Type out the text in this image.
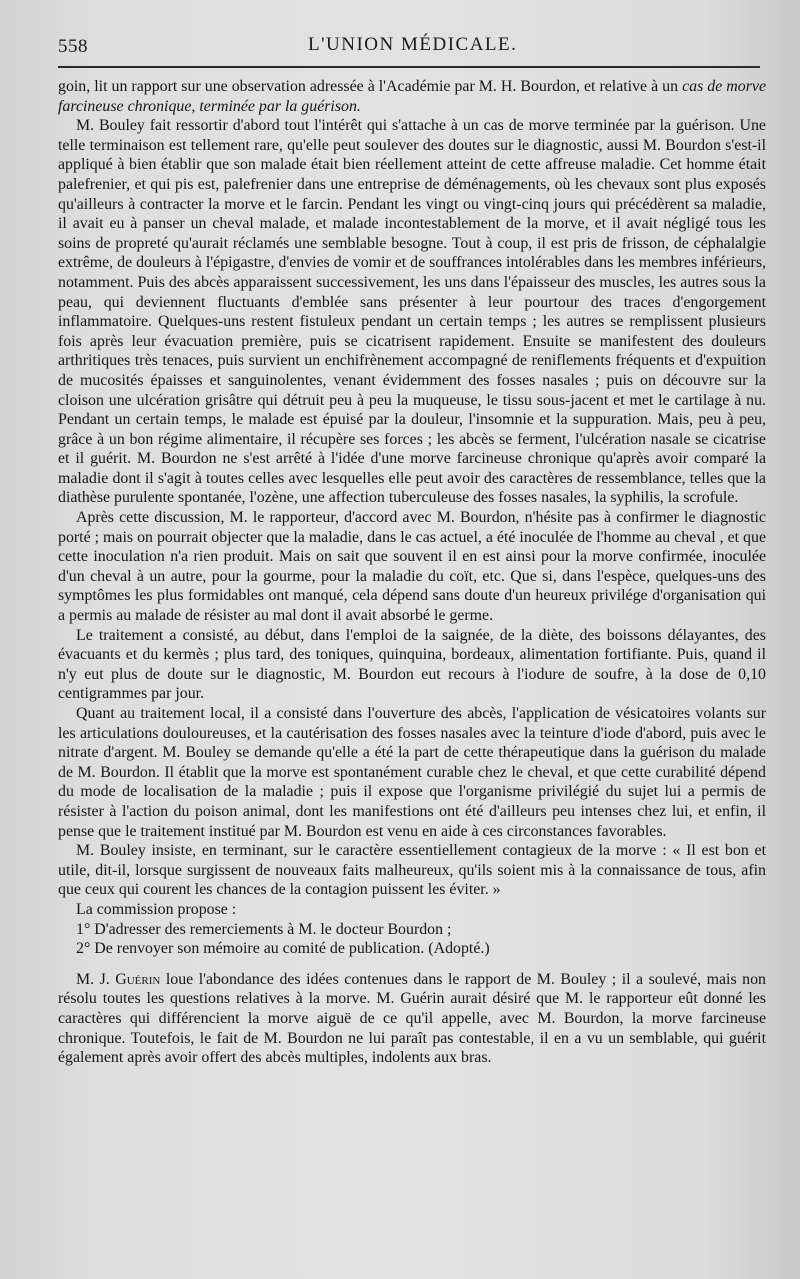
558	L'UNION MÉDICALE.

goin, lit un rapport sur une observation adressée à l'Académie par M. H. Bourdon, et relative à un cas de morve farcineuse chronique, terminée par la guérison.

M. Bouley fait ressortir d'abord tout l'intérêt qui s'attache à un cas de morve terminée par la guérison. Une telle terminaison est tellement rare, qu'elle peut soulever des doutes sur le diagnostic, aussi M. Bourdon s'est-il appliqué à bien établir que son malade était bien réellement atteint de cette affreuse maladie. Cet homme était palefrenier, et qui pis est, palefrenier dans une entreprise de déménagements, où les chevaux sont plus exposés qu'ailleurs à contracter la morve et le farcin. Pendant les vingt ou vingt-cinq jours qui précédèrent sa maladie, il avait eu à panser un cheval malade, et malade incontestablement de la morve, et il avait négligé tous les soins de propreté qu'aurait réclamés une semblable besogne. Tout à coup, il est pris de frisson, de céphalalgie extrême, de douleurs à l'épigastre, d'envies de vomir et de souffrances intolérables dans les membres inférieurs, notamment. Puis des abcès apparaissent successivement, les uns dans l'épaisseur des muscles, les autres sous la peau, qui deviennent fluctuants d'emblée sans présenter à leur pourtour des traces d'engorgement inflammatoire. Quelques-uns restent fistuleux pendant un certain temps ; les autres se remplissent plusieurs fois après leur évacuation première, puis se cicatrisent rapidement. Ensuite se manifestent des douleurs arthritiques très tenaces, puis survient un enchifrènement accompagné de reniflements fréquents et d'expuition de mucosités épaisses et sanguinolentes, venant évidemment des fosses nasales ; puis on découvre sur la cloison une ulcération grisâtre qui détruit peu à peu la muqueuse, le tissu sous-jacent et met le cartilage à nu. Pendant un certain temps, le malade est épuisé par la douleur, l'insomnie et la suppuration. Mais, peu à peu, grâce à un bon régime alimentaire, il récupère ses forces ; les abcès se ferment, l'ulcération nasale se cicatrise et il guérit. M. Bourdon ne s'est arrêté à l'idée d'une morve farcineuse chronique qu'après avoir comparé la maladie dont il s'agit à toutes celles avec lesquelles elle peut avoir des caractères de ressemblance, telles que la diathèse purulente spontanée, l'ozène, une affection tuberculeuse des fosses nasales, la syphilis, la scrofule.

Après cette discussion, M. le rapporteur, d'accord avec M. Bourdon, n'hésite pas à confirmer le diagnostic porté ; mais on pourrait objecter que la maladie, dans le cas actuel, a été inoculée de l'homme au cheval , et que cette inoculation n'a rien produit. Mais on sait que souvent il en est ainsi pour la morve confirmée, inoculée d'un cheval à un autre, pour la gourme, pour la maladie du coït, etc. Que si, dans l'espèce, quelques-uns des symptômes les plus formidables ont manqué, cela dépend sans doute d'un heureux privilége d'organisation qui a permis au malade de résister au mal dont il avait absorbé le germe.

Le traitement a consisté, au début, dans l'emploi de la saignée, de la diète, des boissons délayantes, des évacuants et du kermès ; plus tard, des toniques, quinquina, bordeaux, alimentation fortifiante. Puis, quand il n'y eut plus de doute sur le diagnostic, M. Bourdon eut recours à l'iodure de soufre, à la dose de 0,10 centigrammes par jour.

Quant au traitement local, il a consisté dans l'ouverture des abcès, l'application de vésicatoires volants sur les articulations douloureuses, et la cautérisation des fosses nasales avec la teinture d'iode d'abord, puis avec le nitrate d'argent. M. Bouley se demande qu'elle a été la part de cette thérapeutique dans la guérison du malade de M. Bourdon. Il établit que la morve est spontanément curable chez le cheval, et que cette curabilité dépend du mode de localisation de la maladie ; puis il expose que l'organisme privilégié du sujet lui a permis de résister à l'action du poison animal, dont les manifestions ont été d'ailleurs peu intenses chez lui, et enfin, il pense que le traitement institué par M. Bourdon est venu en aide à ces circonstances favorables.

M. Bouley insiste, en terminant, sur le caractère essentiellement contagieux de la morve : « Il est bon et utile, dit-il, lorsque surgissent de nouveaux faits malheureux, qu'ils soient mis à la connaissance de tous, afin que ceux qui courent les chances de la contagion puissent les éviter. »

La commission propose :

1° D'adresser des remerciements à M. le docteur Bourdon ;

2° De renvoyer son mémoire au comité de publication. (Adopté.)

M. J. Guérin loue l'abondance des idées contenues dans le rapport de M. Bouley ; il a soulevé, mais non résolu toutes les questions relatives à la morve. M. Guérin aurait désiré que M. le rapporteur eût donné les caractères qui différencient la morve aiguë de ce qu'il appelle, avec M. Bourdon, la morve farcineuse chronique. Toutefois, le fait de M. Bourdon ne lui paraît pas contestable, il en a vu un semblable, qui guérit également après avoir offert des abcès multiples, indolents aux bras.
